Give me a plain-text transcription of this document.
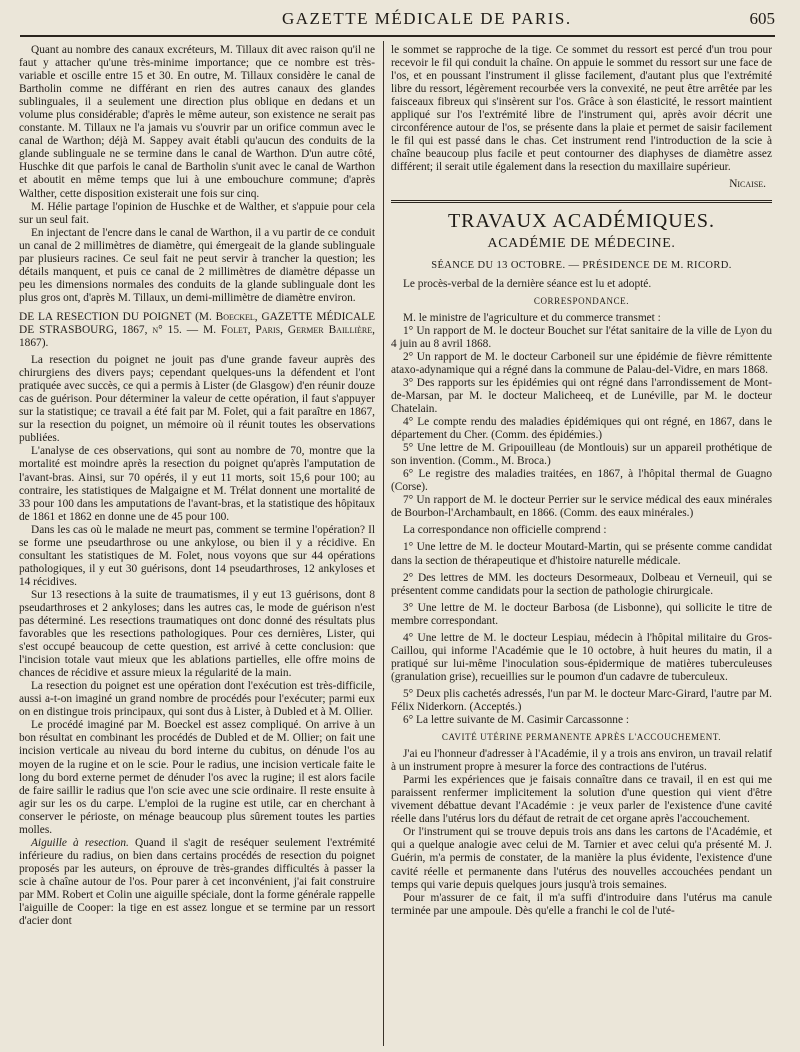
GAZETTE MÉDICALE DE PARIS.	605

Quant au nombre des canaux excréteurs, M. Tillaux dit avec raison qu'il ne faut y attacher qu'une très-minime importance; que ce nombre est très-variable et oscille entre 15 et 30. En outre, M. Tillaux considère le canal de Bartholin comme ne différant en rien des autres canaux des glandes sublinguales, il a seulement une direction plus oblique en dedans et un volume plus considérable; d'après le même auteur, son existence ne serait pas constante. M. Tillaux ne l'a jamais vu s'ouvrir par un orifice commun avec le canal de Warthon; déjà M. Sappey avait établi qu'aucun des conduits de la glande sublinguale ne se termine dans le canal de Warthon. D'un autre côté, Huschke dit que parfois le canal de Bartholin s'unit avec le canal de Warthon et aboutit en même temps que lui à une embouchure commune; d'après Walther, cette disposition existerait une fois sur cinq.

M. Hélie partage l'opinion de Huschke et de Walther, et s'appuie pour cela sur un seul fait.

En injectant de l'encre dans le canal de Warthon, il a vu partir de ce conduit un canal de 2 millimètres de diamètre, qui émergeait de la glande sublinguale par plusieurs racines. Ce seul fait ne peut servir à trancher la question; les détails manquent, et puis ce canal de 2 millimètres de diamètre dépasse un peu les dimensions normales des conduits de la glande sublinguale dont les plus gros ont, d'après M. Tillaux, un demi-millimètre de diamètre environ.

DE LA RESECTION DU POIGNET (M. Boeckel, GAZETTE MÉDICALE DE STRASBOURG, 1867, n° 15. — M. Folet, Paris, Germer Baillière, 1867).

La resection du poignet ne jouit pas d'une grande faveur auprès des chirurgiens des divers pays; cependant quelques-uns la défendent et l'ont pratiquée avec succès, ce qui a permis à Lister (de Glasgow) d'en réunir douze cas de guérison. Pour déterminer la valeur de cette opération, il faut s'appuyer sur la statistique; ce travail a été fait par M. Folet, qui a fait paraître en 1867, sur la resection du poignet, un mémoire où il réunit toutes les observations publiées.

L'analyse de ces observations, qui sont au nombre de 70, montre que la mortalité est moindre après la resection du poignet qu'après l'amputation de l'avant-bras. Ainsi, sur 70 opérés, il y eut 11 morts, soit 15,6 pour 100; au contraire, les statistiques de Malgaigne et M. Trélat donnent une mortalité de 33 pour 100 dans les amputations de l'avant-bras, et la statistique des hôpitaux de 1861 et 1862 en donne une de 45 pour 100.

Dans les cas où le malade ne meurt pas, comment se termine l'opération? Il se forme une pseudarthrose ou une ankylose, ou bien il y a récidive. En consultant les statistiques de M. Folet, nous voyons que sur 44 opérations pathologiques, il y eut 30 guérisons, dont 14 pseudarthroses, 12 ankyloses et 14 récidives.

Sur 13 resections à la suite de traumatismes, il y eut 13 guérisons, dont 8 pseudarthroses et 2 ankyloses; dans les autres cas, le mode de guérison n'est pas déterminé. Les resections traumatiques ont donc donné des résultats plus favorables que les resections pathologiques. Pour ces dernières, Lister, qui s'est occupé beaucoup de cette question, est arrivé à cette conclusion: que l'incision totale vaut mieux que les ablations partielles, elle offre moins de chances de récidive et assure mieux la régularité de la main.

La resection du poignet est une opération dont l'exécution est très-difficile, aussi a-t-on imaginé un grand nombre de procédés pour l'exécuter; parmi eux on en distingue trois principaux, qui sont dus à Lister, à Dubled et à M. Ollier.

Le procédé imaginé par M. Boeckel est assez compliqué. On arrive à un bon résultat en combinant les procédés de Dubled et de M. Ollier; on fait une incision verticale au niveau du bord interne du cubitus, on dénude l'os au moyen de la rugine et on le scie. Pour le radius, une incision verticale faite le long du bord externe permet de dénuder l'os avec la rugine; il est alors facile de faire saillir le radius que l'on scie avec une scie ordinaire. Il reste ensuite à agir sur les os du carpe. L'emploi de la rugine est utile, car en cherchant à conserver le périoste, on ménage beaucoup plus sûrement toutes les parties molles.

Aiguille à resection. Quand il s'agit de reséquer seulement l'extrémité inférieure du radius, on bien dans certains procédés de resection du poignet proposés par les auteurs, on éprouve de très-grandes difficultés à passer la scie à chaîne autour de l'os. Pour parer à cet inconvénient, j'ai fait construire par MM. Robert et Colin une aiguille spéciale, dont la forme générale rappelle l'aiguille de Cooper: la tige en est assez longue et se termine par un ressort d'acier dont

le sommet se rapproche de la tige. Ce sommet du ressort est percé d'un trou pour recevoir le fil qui conduit la chaîne. On appuie le sommet du ressort sur une face de l'os, et en poussant l'instrument il glisse facilement, d'autant plus que l'extrémité libre du ressort, légèrement recourbée vers la convexité, ne peut être arrêtée par les faisceaux fibreux qui s'insèrent sur l'os. Grâce à son élasticité, le ressort maintient appliqué sur l'os l'extrémité libre de l'instrument qui, après avoir décrit une circonférence autour de l'os, se présente dans la plaie et permet de saisir facilement le fil qui est passé dans le chas. Cet instrument rend l'introduction de la scie à chaîne beaucoup plus facile et peut contourner des diaphyses de diamètre assez différent; il serait utile également dans la resection du maxillaire supérieur.

Nicaise.
TRAVAUX ACADÉMIQUES.
ACADÉMIE DE MÉDECINE.
SÉANCE DU 13 OCTOBRE. — PRÉSIDENCE DE M. RICORD.

Le procès-verbal de la dernière séance est lu et adopté.

CORRESPONDANCE.

M. le ministre de l'agriculture et du commerce transmet :

1° Un rapport de M. le docteur Bouchet sur l'état sanitaire de la ville de Lyon du 4 juin au 8 avril 1868.

2° Un rapport de M. le docteur Carboneil sur une épidémie de fièvre rémittente ataxo-adynamique qui a régné dans la commune de Palau-del-Vidre, en mars 1868.

3° Des rapports sur les épidémies qui ont régné dans l'arrondissement de Mont-de-Marsan, par M. le docteur Malicheeq, et de Lunéville, par M. le docteur Chatelain.

4° Le compte rendu des maladies épidémiques qui ont régné, en 1867, dans le département du Cher. (Comm. des épidémies.)

5° Une lettre de M. Gripouilleau (de Montlouis) sur un appareil prothétique de son invention. (Comm., M. Broca.)

6° Le registre des maladies traitées, en 1867, à l'hôpital thermal de Guagno (Corse).

7° Un rapport de M. le docteur Perrier sur le service médical des eaux minérales de Bourbon-l'Archambault, en 1866. (Comm. des eaux minérales.)

La correspondance non officielle comprend :

1° Une lettre de M. le docteur Moutard-Martin, qui se présente comme candidat dans la section de thérapeutique et d'histoire naturelle médicale.

2° Des lettres de MM. les docteurs Desormeaux, Dolbeau et Verneuil, qui se présentent comme candidats pour la section de pathologie chirurgicale.

3° Une lettre de M. le docteur Barbosa (de Lisbonne), qui sollicite le titre de membre correspondant.

4° Une lettre de M. le docteur Lespiau, médecin à l'hôpital militaire du Gros-Caillou, qui informe l'Académie que le 10 octobre, à huit heures du matin, il a pratiqué sur lui-même l'inoculation sous-épidermique de matières tuberculeuses (granulation grise), recueillies sur le poumon d'un cadavre de tuberculeux.

5° Deux plis cachetés adressés, l'un par M. le docteur Marc-Girard, l'autre par M. Félix Niderkorn. (Acceptés.)

6° La lettre suivante de M. Casimir Carcassonne :

CAVITÉ UTÉRINE PERMANENTE APRÈS L'ACCOUCHEMENT.

J'ai eu l'honneur d'adresser à l'Académie, il y a trois ans environ, un travail relatif à un instrument propre à mesurer la force des contractions de l'utérus.

Parmi les expériences que je faisais connaître dans ce travail, il en est qui me paraissent renfermer implicitement la solution d'une question qui vient d'être vivement débattue devant l'Académie : je veux parler de l'existence d'une cavité réelle dans l'utérus lors du défaut de retrait de cet organe après l'accouchement.

Or l'instrument qui se trouve depuis trois ans dans les cartons de l'Académie, et qui a quelque analogie avec celui de M. Tarnier et avec celui qu'a présenté M. J. Guérin, m'a permis de constater, de la manière la plus évidente, l'existence d'une cavité réelle et permanente dans l'utérus des nouvelles accouchées pendant un temps qui varie depuis quelques jours jusqu'à trois semaines.

Pour m'assurer de ce fait, il m'a suffi d'introduire dans l'utérus ma canule terminée par une ampoule. Dès qu'elle a franchi le col de l'uté-
